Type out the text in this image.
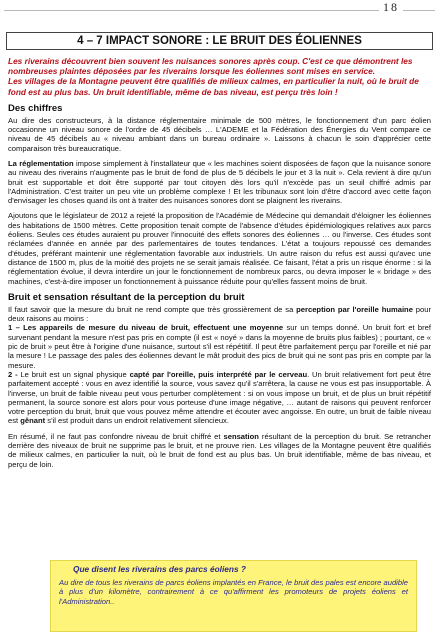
18
4 – 7 IMPACT SONORE : LE BRUIT DES ÉOLIENNES
Les riverains découvrent bien souvent les nuisances sonores après coup. C'est ce que démontrent les nombreuses plaintes déposées par les riverains lorsque les éoliennes sont mises en service.
Les villages de la Montagne peuvent être qualifiés de milieux calmes, en particulier la nuit, où le bruit de fond est au plus bas. Un bruit identifiable, même de bas niveau, est perçu très loin !
Des chiffres

Au dire des constructeurs, à la distance réglementaire minimale de 500 mètres, le fonctionnement d'un parc éolien occasionne un niveau sonore de l'ordre de 45 décibels … L'ADEME et la Fédération des Énergies du Vent compare ce niveau de 45 décibels au « niveau ambiant dans un bureau ordinaire ». Laissons à chacun le soin d'apprécier cette comparaison très bureaucratique.

La réglementation impose simplement à l'installateur que « les machines soient disposées de façon que la nuisance sonore au niveau des riverains n'augmente pas le bruit de fond de plus de 5 décibels le jour et 3 la nuit ». Cela revient à dire qu'un bruit est supportable et doit être supporté par tout citoyen dès lors qu'il n'excède pas un seuil chiffré admis par l'Administration. C'est traiter un peu vite un problème complexe ! Et les tribunaux sont loin d'être d'accord avec cette façon d'envisager les choses quand ils ont à traiter des nuisances sonores dont se plaignent les riverains.

Ajoutons que le législateur de 2012 a rejeté la proposition de l'Académie de Médecine qui demandait d'éloigner les éoliennes des habitations de 1500 mètres. Cette proposition tenait compte de l'absence d'études épidémiologiques relatives aux parcs éoliens. Seules ces études auraient pu prouver l'innocuité des effets sonores des éoliennes … ou l'inverse. Ces études sont réclamées d'année en année par des parlementaires de toutes tendances. L'état a toujours repoussé ces demandes d'études, préférant maintenir une réglementation favorable aux industriels. Un autre raison du refus est aussi qu'avec une distance de 1500 m, plus de la moitié des projets ne se serait jamais réalisée. Ce faisant, l'état a pris un risque énorme : si la réglementation évolue, il devra interdire un jour le fonctionnement de nombreux parcs, ou devra imposer le « bridage » des machines, c'est-à-dire imposer un fonctionnement à puissance réduite pour qu'elles fassent moins de bruit.

Bruit et sensation résultant de la perception du bruit

Il faut savoir que la mesure du bruit ne rend compte que très grossièrement de sa perception par l'oreille humaine pour deux raisons au moins :

1 – Les appareils de mesure du niveau de bruit, effectuent une moyenne sur un temps donné. Un bruit fort et bref survenant pendant la mesure n'est pas pris en compte (il est « noyé » dans la moyenne de bruits plus faibles) ; pourtant, ce « pic de bruit » peut être à l'origine d'une nuisance, surtout s'il est répétitif. Il peut être parfaitement perçu par l'oreille et nié par la mesure ! Le passage des pales des éoliennes devant le mât produit des pics de bruit qui ne sont pas pris en compte par la mesure.

2 - Le bruit est un signal physique capté par l'oreille, puis interprété par le cerveau. Un bruit relativement fort peut être parfaitement accepté : vous en avez identifié la source, vous savez qu'il s'arrêtera, la cause ne vous est pas insupportable. À l'inverse, un bruit de faible niveau peut vous perturber complètement : si on vous impose un bruit, et de plus un bruit répétitif permanent, la source sonore est alors pour vous porteuse d'une image négative, … autant de raisons qui peuvent renforcer votre perception du bruit, bruit que vous pouvez même attendre et écouter avec angoisse. En outre, un bruit de faible niveau est gênant s'il est produit dans un endroit relativement silencieux.

En résumé, il ne faut pas confondre niveau de bruit chiffré et sensation résultant de la perception du bruit. Se retrancher derrière des niveaux de bruit ne supprime pas le bruit, et ne prouve rien. Les villages de la Montagne peuvent être qualifiés de milieux calmes, en particulier la nuit, où le bruit de fond est au plus bas. Un bruit identifiable, même de bas niveau, et perçu de loin.

Que disent les riverains des parcs éoliens ?

Au dire de tous les riverains de parcs éoliens implantés en France, le bruit des pales est encore audible à plus d'un kilomètre, contrairement à ce qu'affirment les promoteurs de projets éoliens et l'Administration..
